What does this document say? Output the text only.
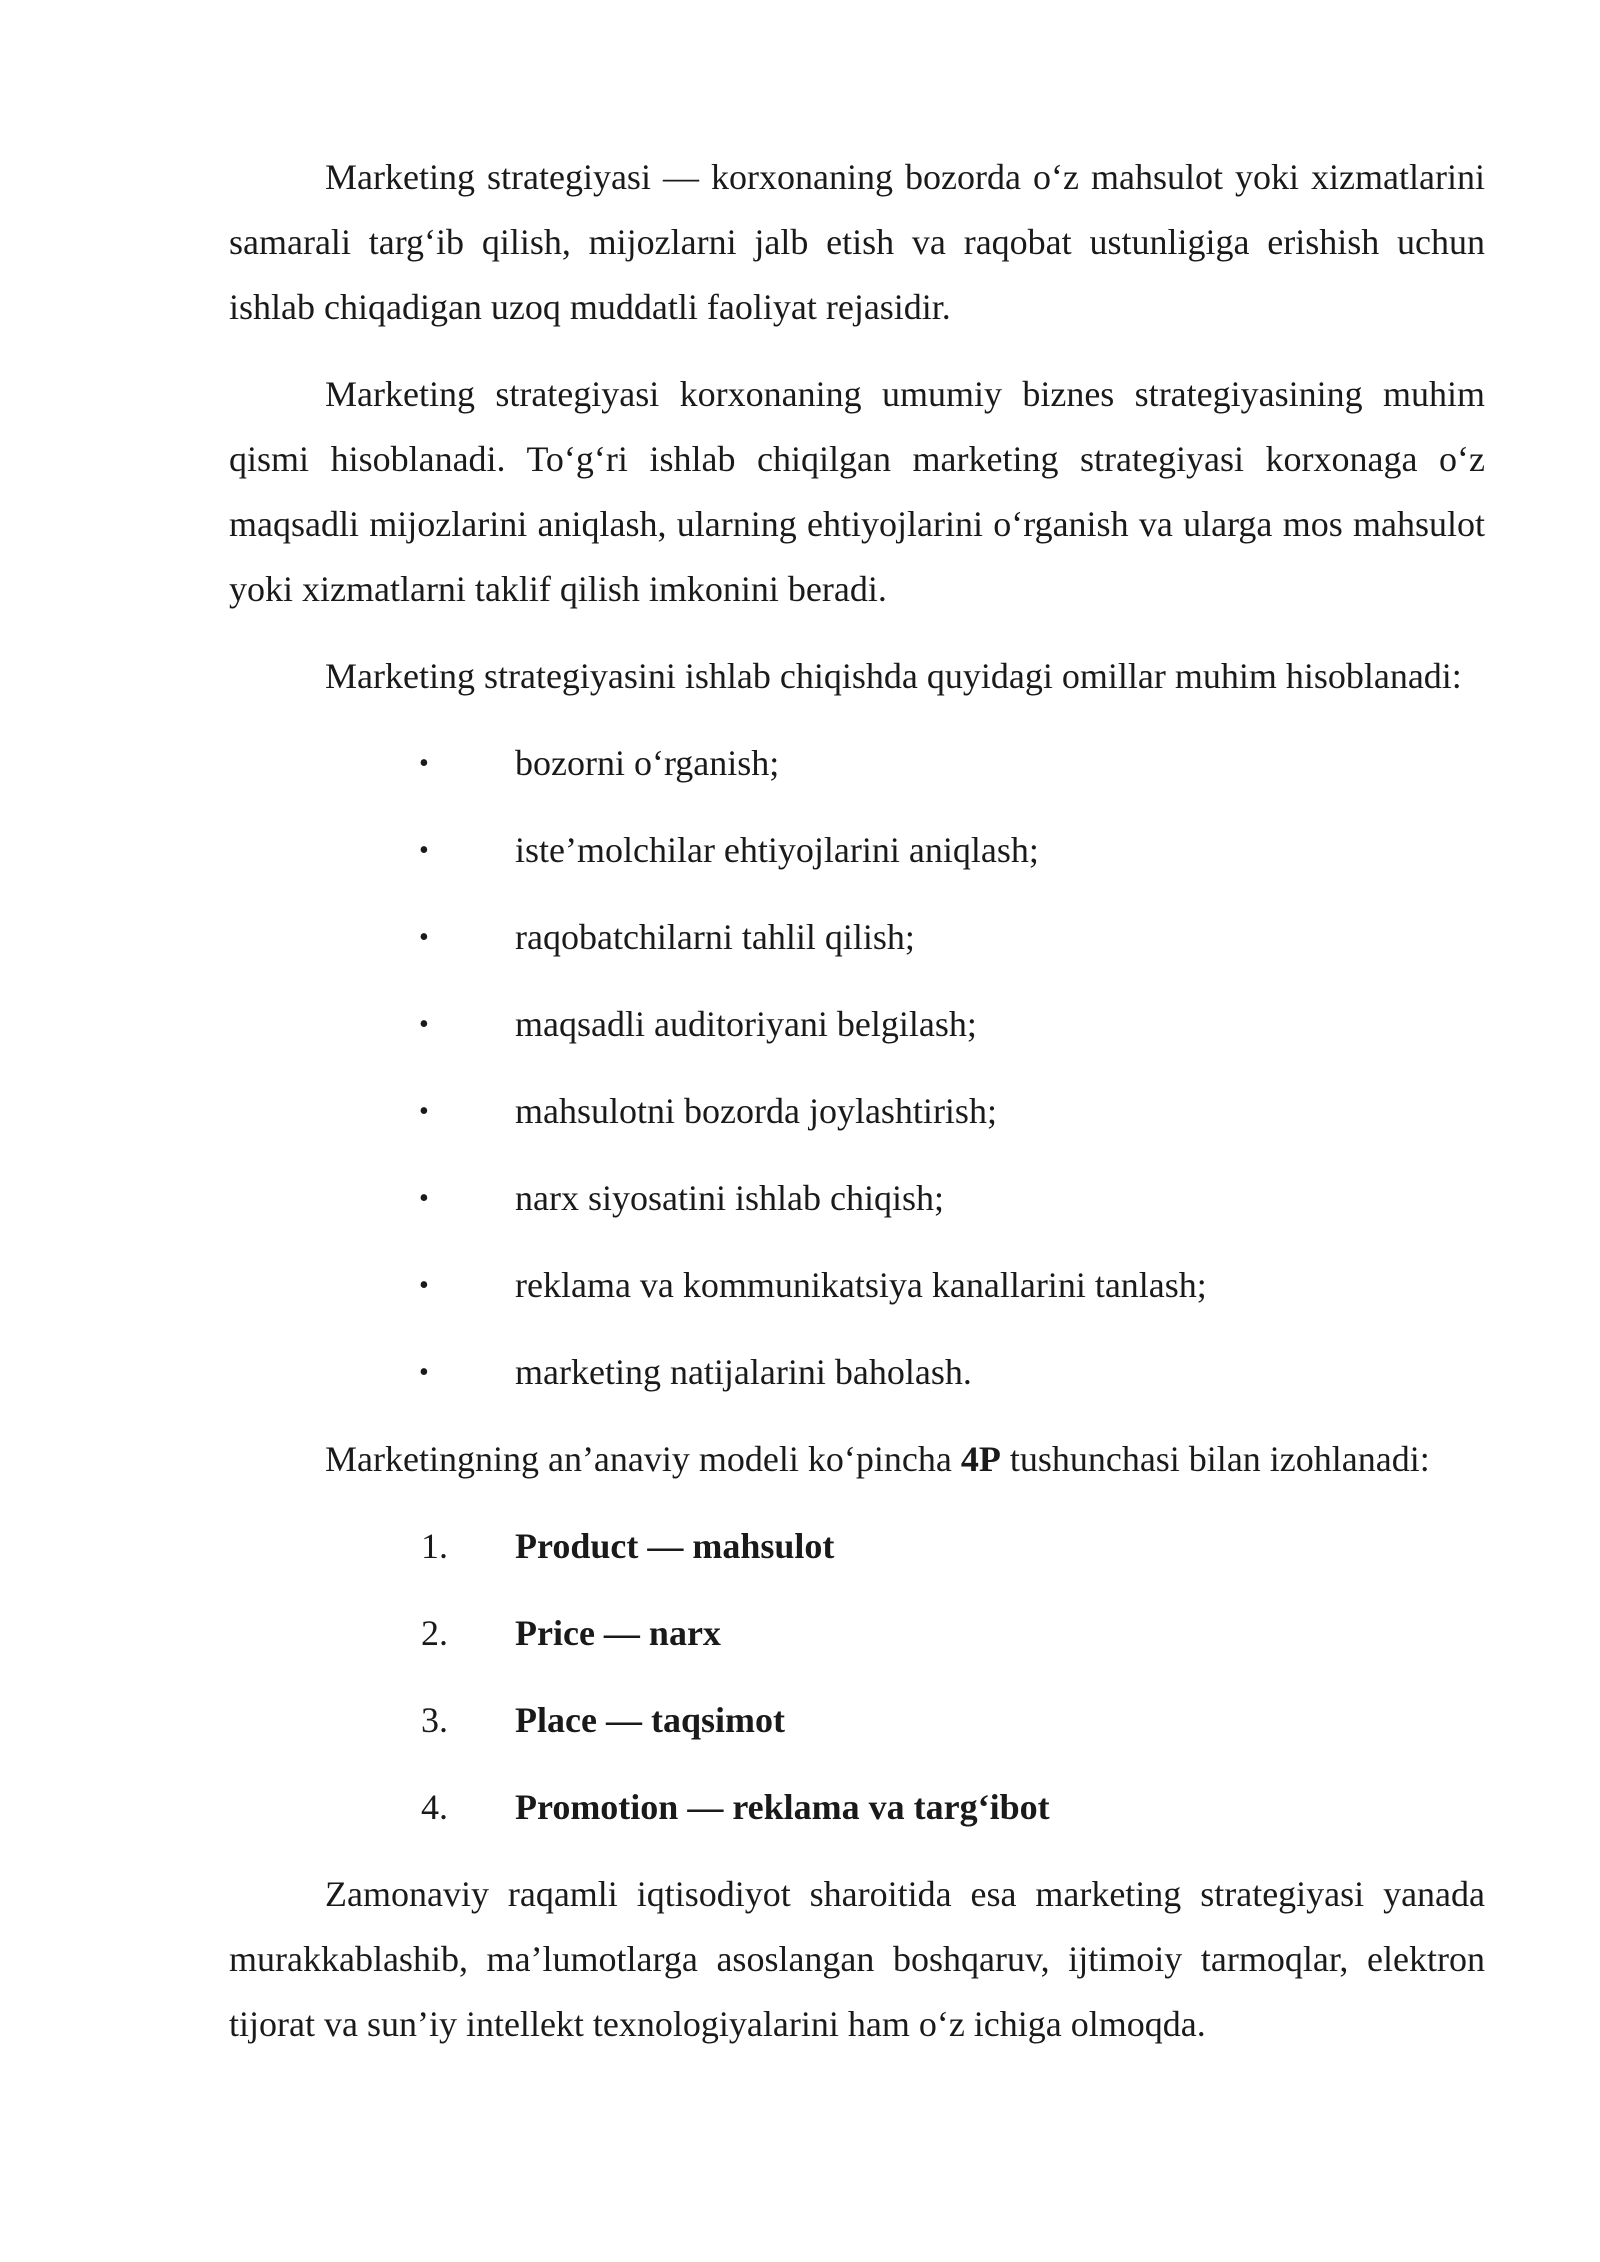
Marketing strategiyasi — korxonaning bozorda o‘z mahsulot yoki xizmatlarini samarali targ‘ib qilish, mijozlarni jalb etish va raqobat ustunligiga erishish uchun ishlab chiqadigan uzoq muddatli faoliyat rejasidir.

Marketing strategiyasi korxonaning umumiy biznes strategiyasining muhim qismi hisoblanadi. To‘g‘ri ishlab chiqilgan marketing strategiyasi korxonaga o‘z maqsadli mijozlarini aniqlash, ularning ehtiyojlarini o‘rganish va ularga mos mahsulot yoki xizmatlarni taklif qilish imkonini beradi.

Marketing strategiyasini ishlab chiqishda quyidagi omillar muhim hisoblanadi:

• bozorni o‘rganish;
• iste’molchilar ehtiyojlarini aniqlash;
• raqobatchilarni tahlil qilish;
• maqsadli auditoriyani belgilash;
• mahsulotni bozorda joylashtirish;
• narx siyosatini ishlab chiqish;
• reklama va kommunikatsiya kanallarini tanlash;
• marketing natijalarini baholash.

Marketingning an’anaviy modeli ko‘pincha 4P tushunchasi bilan izohlanadi:

1. Product — mahsulot
2. Price — narx
3. Place — taqsimot
4. Promotion — reklama va targ‘ibot

Zamonaviy raqamli iqtisodiyot sharoitida esa marketing strategiyasi yanada murakkablashib, ma’lumotlarga asoslangan boshqaruv, ijtimoiy tarmoqlar, elektron tijorat va sun’iy intellekt texnologiyalarini ham o‘z ichiga olmoqda.
